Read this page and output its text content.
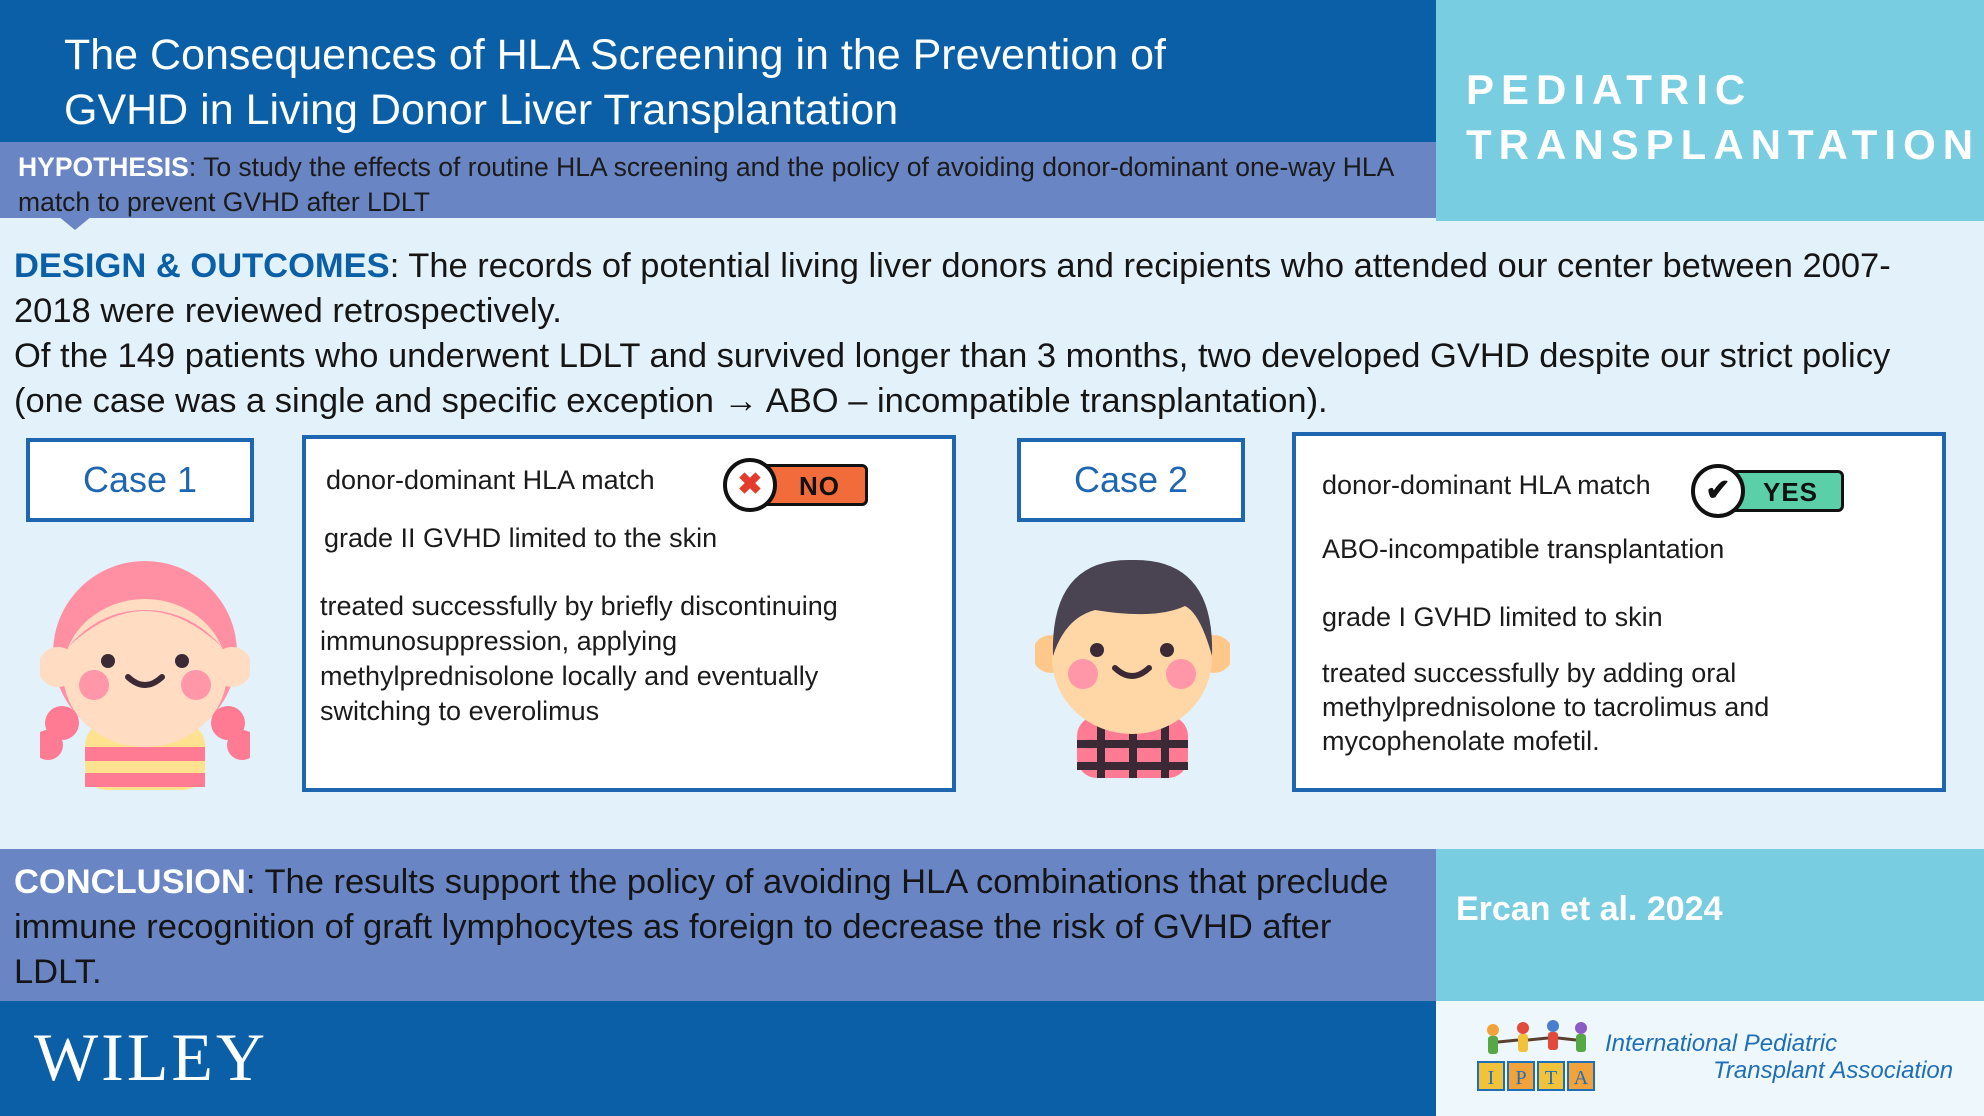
The Consequences of HLA Screening in the Prevention of
GVHD in Living Donor Liver Transplantation	PEDIATRIC
TRANSPLANTATION
HYPOTHESIS: To study the effects of routine HLA screening and the policy of avoiding donor-dominant one-way HLA match to prevent GVHD after LDLT
DESIGN & OUTCOMES: The records of potential living liver donors and recipients who attended our center between 2007-2018 were reviewed retrospectively.
Of the 149 patients who underwent LDLT and survived longer than 3 months, two developed GVHD despite our strict policy (one case was a single and specific exception → ABO – incompatible transplantation).
Case 1	donor-dominant HLA match	✖	NO
grade II GVHD limited to the skin
treated successfully by briefly discontinuing
immunosuppression, applying
methylprednisolone locally and eventually
switching to everolimus
Case 2	donor-dominant HLA match	✔	YES
ABO-incompatible transplantation
grade I GVHD limited to skin
treated successfully by adding oral
methylprednisolone to tacrolimus and
mycophenolate mofetil.
CONCLUSION: The results support the policy of avoiding HLA combinations that preclude immune recognition of graft lymphocytes as foreign to decrease the risk of GVHD after LDLT.
Ercan et al. 2024
WILEY	I P T A
International Pediatric
Transplant Association
